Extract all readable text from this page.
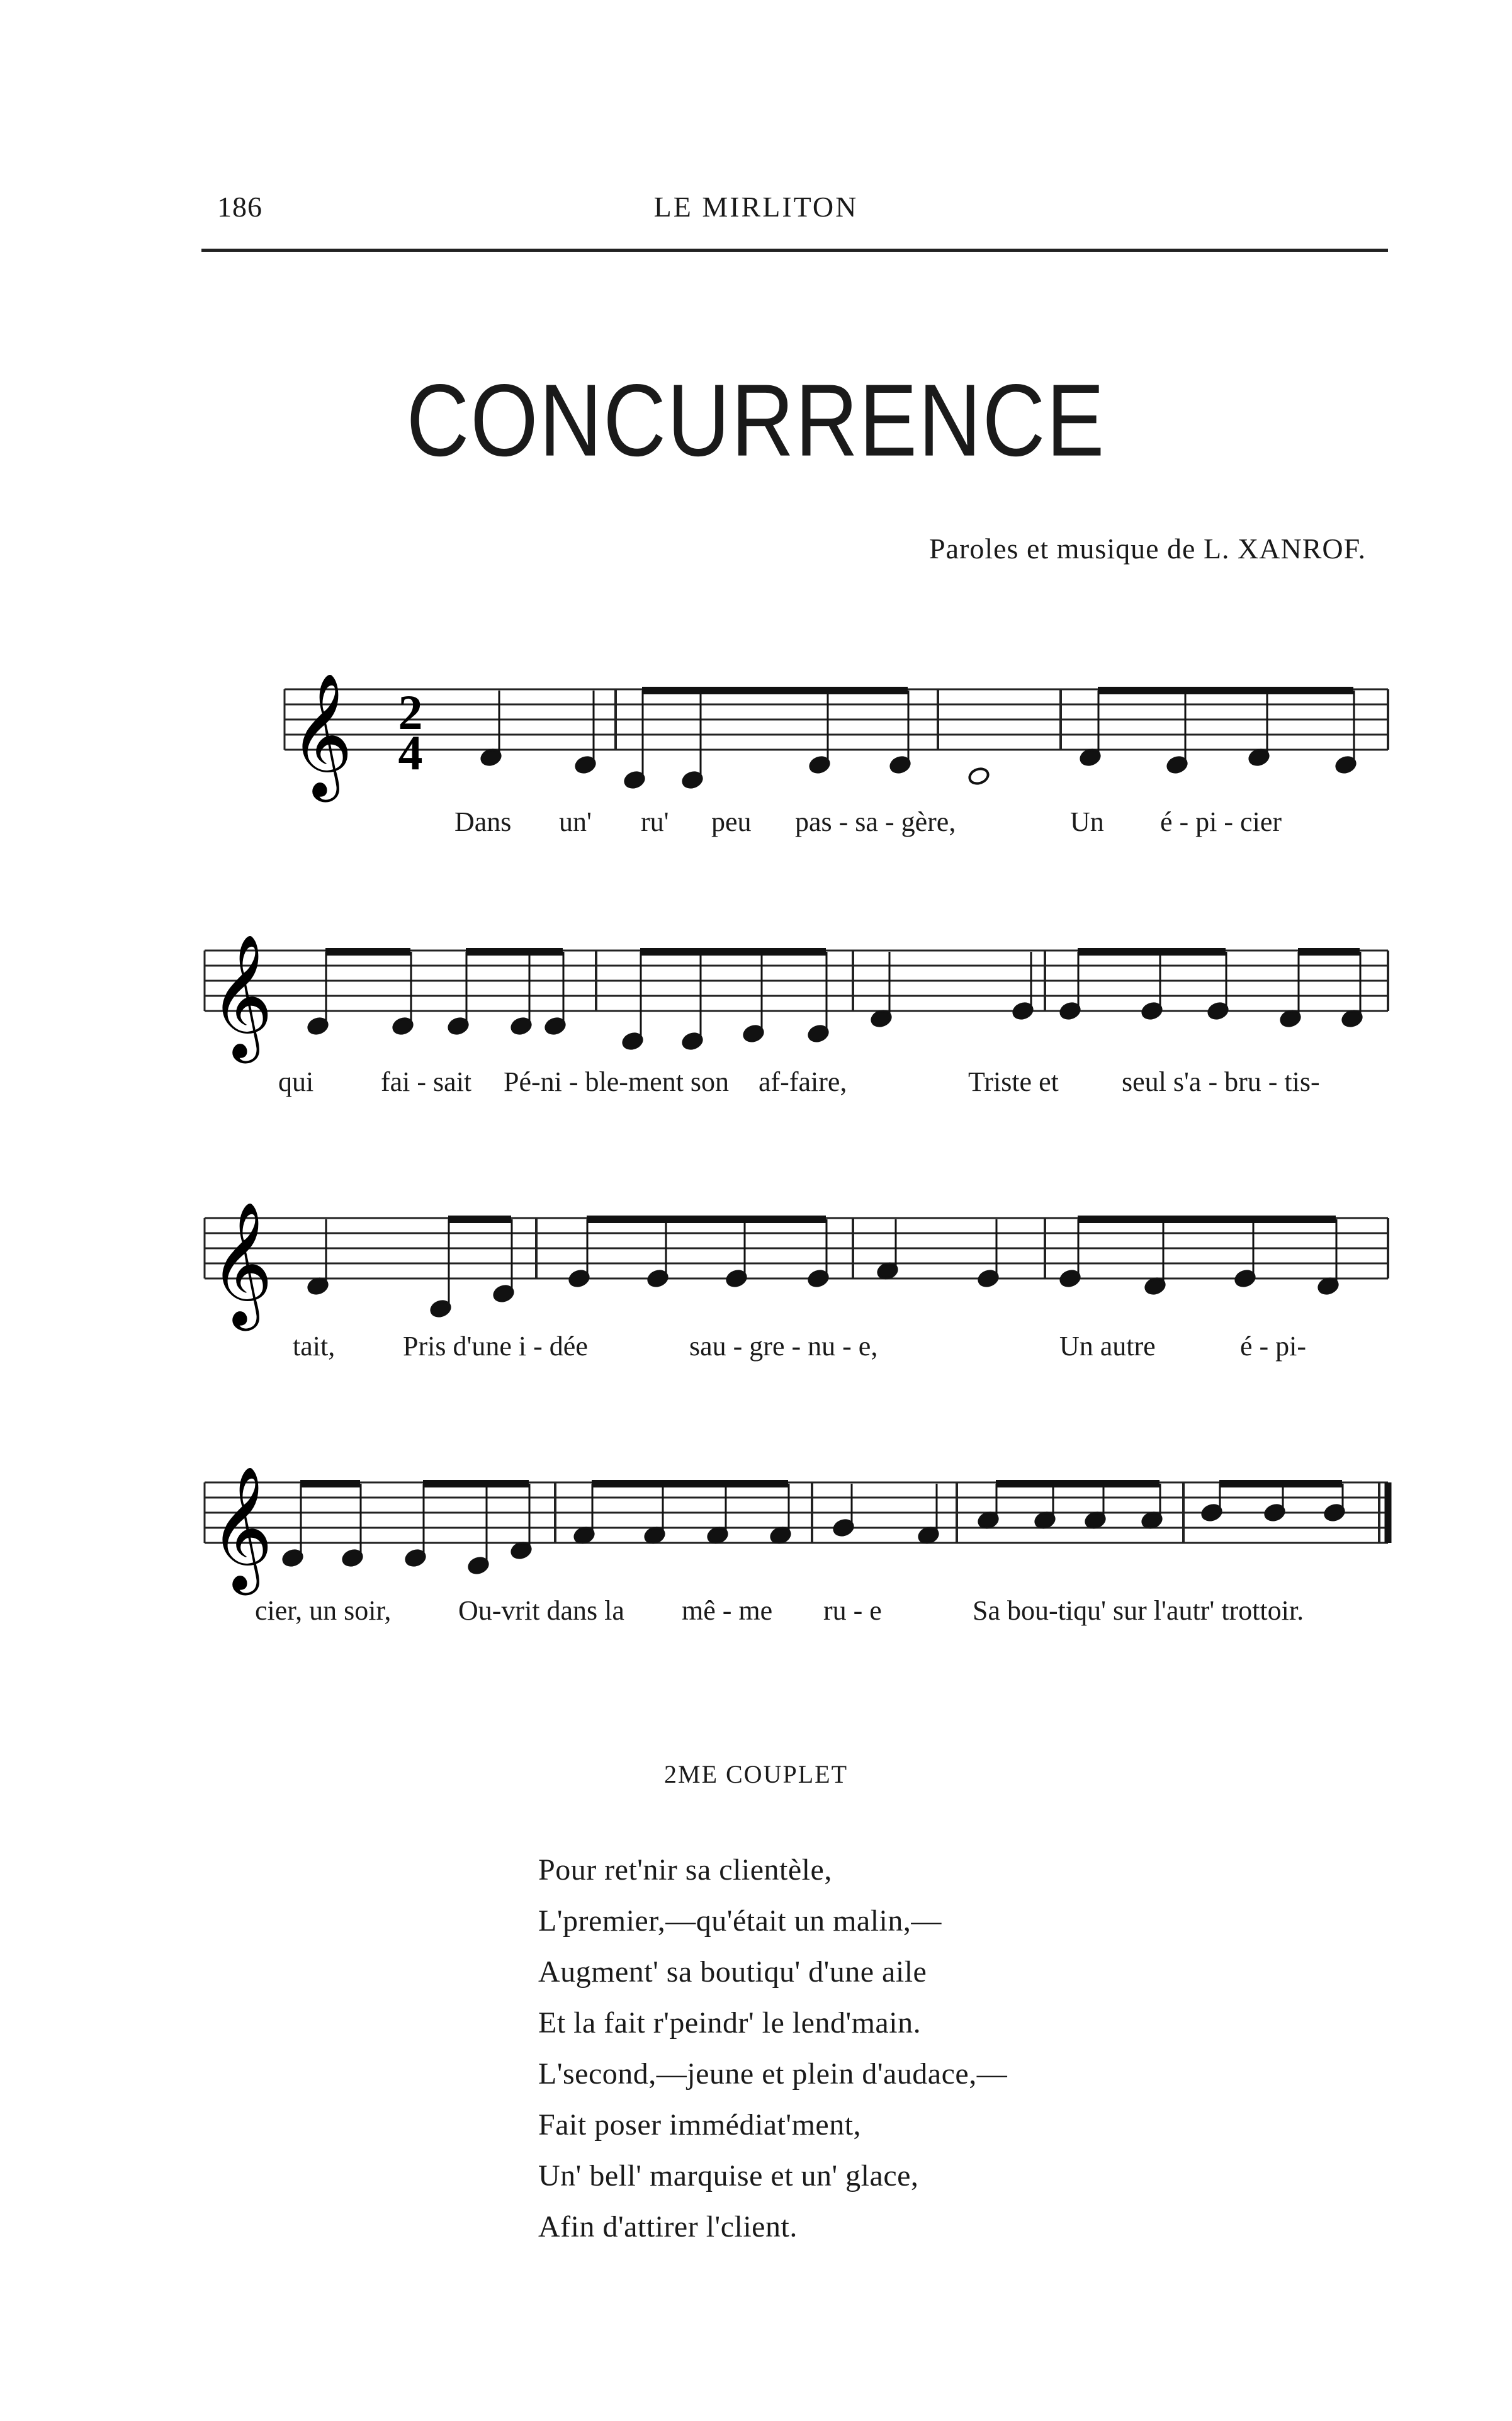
186	LE MIRLITON
CONCURRENCE
Paroles et musique de L. XANROF.
𝄞
𝄞
𝄞
𝄞
2
4
Dans un' ru' peu pas - sa - gère,	Un é - pi - cier
qui fai - sait Pé-ni - ble-ment son af-faire,	Triste et seul s'a - bru - tis-
tait, Pris d'une i - dée	sau - gre - nu - e,	Un autre	é - pi-
cier, un soir, Ou-vrit dans la mê - me ru - e	Sa bou-tiqu' sur l'autr' trottoir.
2ME COUPLET
Pour ret'nir sa clientèle,
L'premier,—qu'était un malin,—
Augment' sa boutiqu' d'une aile
Et la fait r'peindr' le lend'main.
L'second,—jeune et plein d'audace,—
Fait poser immédiat'ment,
Un' bell' marquise et un' glace,
Afin d'attirer l'client.
